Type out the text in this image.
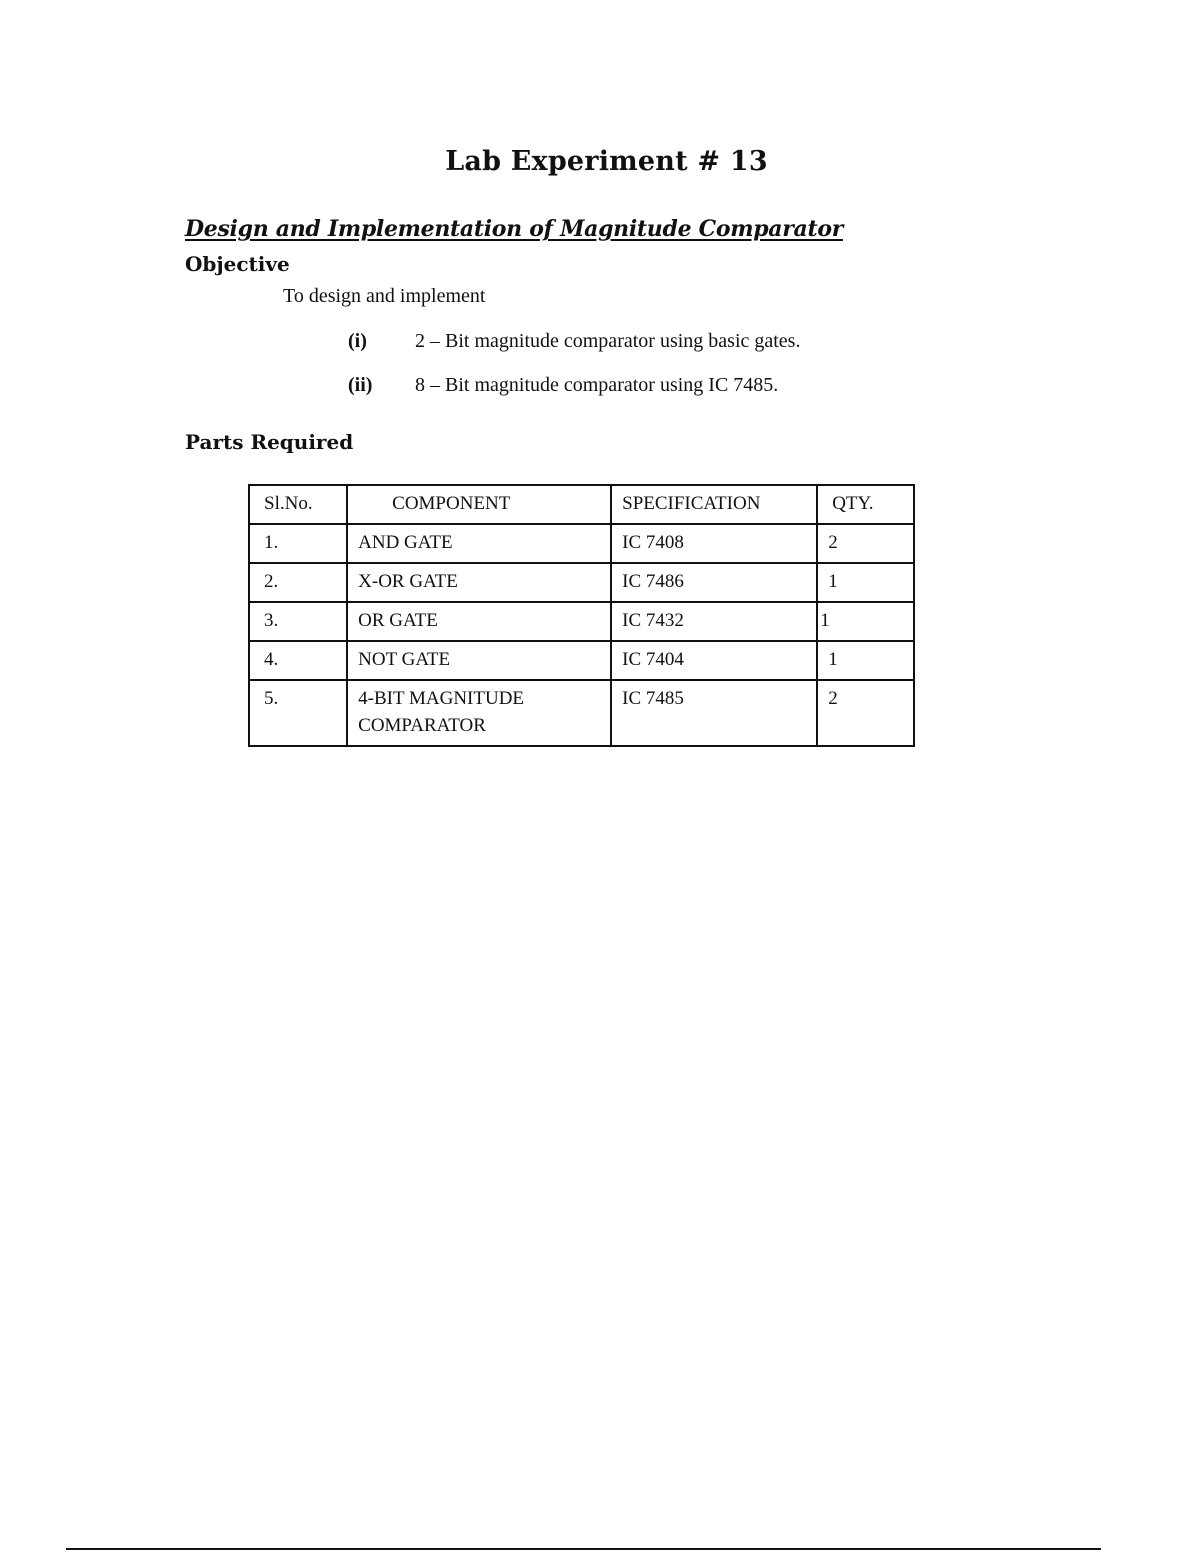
Lab Experiment # 13
Design and Implementation of Magnitude Comparator
Objective
To design and implement
(i) 2 – Bit magnitude comparator using basic gates.
(ii) 8 – Bit magnitude comparator using IC 7485.
Parts Required
Sl.No.	COMPONENT	SPECIFICATION	QTY.
1.	AND GATE	IC 7408	2
2.	X-OR GATE	IC 7486	1
3.	OR GATE	IC 7432	1
4.	NOT GATE	IC 7404	1
5.	4-BIT MAGNITUDE COMPARATOR	IC 7485	2
